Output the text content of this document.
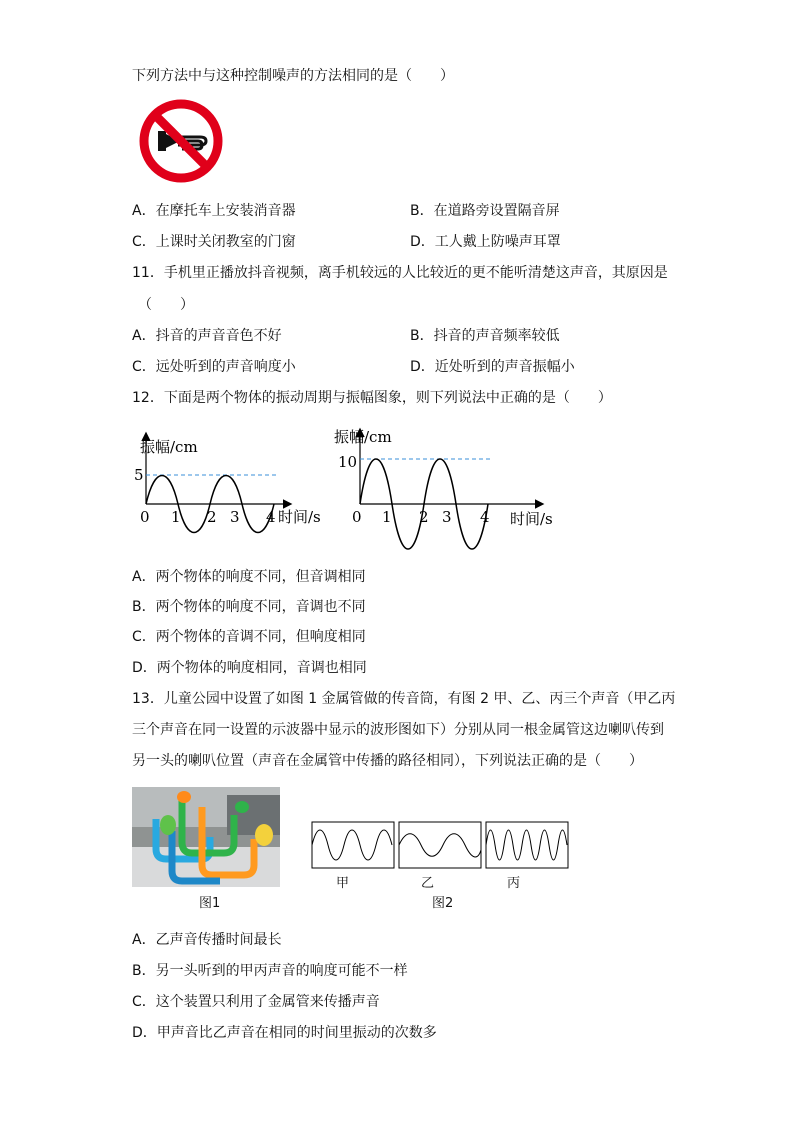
下列方法中与这种控制噪声的方法相同的是（　　）
A．在摩托车上安装消音器	B．在道路旁设置隔音屏
C．上课时关闭教室的门窗	D．工人戴上防噪声耳罩
11．手机里正播放抖音视频，离手机较远的人比较近的更不能听清楚这声音，其原因是
（　　）
A．抖音的声音音色不好	B．抖音的声音频率较低
C．远处听到的声音响度小	D．近处听到的声音振幅小
12．下面是两个物体的振动周期与振幅图象，则下列说法中正确的是（　　）
振幅/cm
5
0 1 2 3 4 时间/s
振幅/cm
10
0 1 2 3 4 时间/s
A．两个物体的响度不同，但音调相同
B．两个物体的响度不同，音调也不同
C．两个物体的音调不同，但响度相同
D．两个物体的响度相同，音调也相同
13．儿童公园中设置了如图 1 金属管做的传音筒，有图 2 甲、乙、丙三个声音（甲乙丙
三个声音在同一设置的示波器中显示的波形图如下）分别从同一根金属管这边喇叭传到
另一头的喇叭位置（声音在金属管中传播的路径相同），下列说法正确的是（　　）
图1
甲	乙	丙
图2
A．乙声音传播时间最长
B．另一头听到的甲丙声音的响度可能不一样
C．这个装置只利用了金属管来传播声音
D．甲声音比乙声音在相同的时间里振动的次数多
